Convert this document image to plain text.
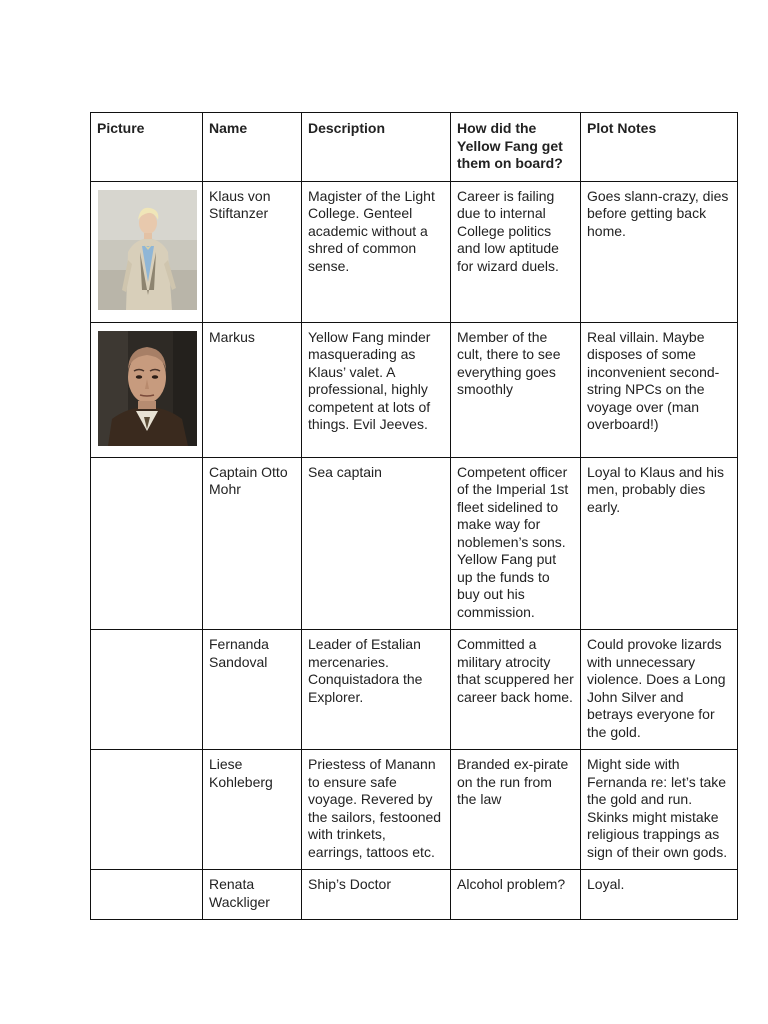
Picture	Name	Description	How did the Yellow Fang get them on board?	Plot Notes

	Klaus von Stiftanzer	Magister of the Light College. Genteel academic without a shred of common sense.	Career is failing due to internal College politics and low aptitude for wizard duels.	Goes slann-crazy, dies before getting back home.

	Markus	Yellow Fang minder masquerading as Klaus’ valet. A professional, highly competent at lots of things. Evil Jeeves.	Member of the cult, there to see everything goes smoothly	Real villain. Maybe disposes of some inconvenient second-string NPCs on the voyage over (man overboard!)
	Captain Otto Mohr	Sea captain	Competent officer of the Imperial 1st fleet sidelined to make way for noblemen’s sons. Yellow Fang put up the funds to buy out his commission.	Loyal to Klaus and his men, probably dies early.
	Fernanda Sandoval	Leader of Estalian mercenaries. Conquistadora the Explorer.	Committed a military atrocity that scuppered her career back home.	Could provoke lizards with unnecessary violence. Does a Long John Silver and betrays everyone for the gold.
	Liese Kohleberg	Priestess of Manann to ensure safe voyage. Revered by the sailors, festooned with trinkets, earrings, tattoos etc.	Branded ex-pirate on the run from the law	Might side with Fernanda re: let’s take the gold and run. Skinks might mistake religious trappings as sign of their own gods.
	Renata Wackliger	Ship’s Doctor	Alcohol problem?	Loyal.
